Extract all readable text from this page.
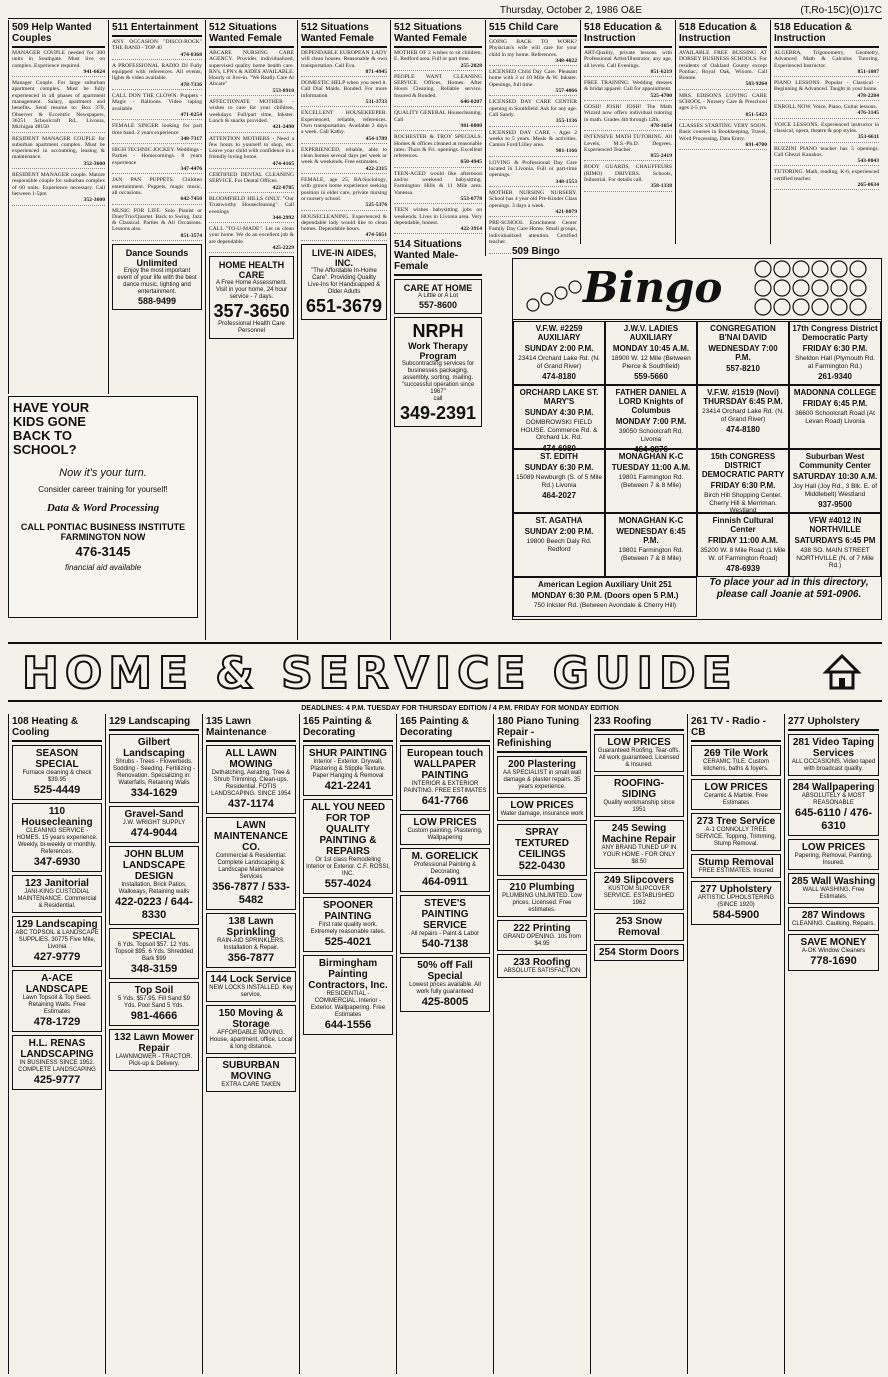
Thursday, October 2, 1986 O&E	(T,Ro-15C)(O)17C
509 Help Wanted Couples
MANAGER COUPLE needed for 300 units in Southgate. Must live on complex. Experience required.
941-6624
Manager Couple. For large suburban apartment complex. Must be fully experienced in all phases of apartment management. Salary, apartment and benefits. Send resume to: Box 370, Observer & Eccentric Newspapers, 36251 Schoolcraft Rd., Livonia, Michigan 48150
RESIDENT MANAGER COUPLE for suburban apartment complex. Must be experienced in accounting, leasing & maintenance.
352-3600
RESIDENT MANAGER couple. Mature responsible couple for suburban complex of 60 units. Experience necessary. Call between 1-5pm
352-3600
511 Entertainment
ANY OCCASION "DISCO-ROCK" THE BAND - TOP 40
474-8368
A PROFESSIONAL RADIO DJ Fully equipped with references. All events, lights & video available.
478-7336
CALL DON THE CLOWN. Puppets - Magic - Balloons. Video taping available
471-0254
FEMALE SINGER looking for part time band. 2 years experience
348-7317
HIGH TECHNIC JOCKEY. Weddings - Parties - Homecomings. 8 years experience
347-4476
JAN PAN PUPPETS. Children entertainment. Puppets, magic music, all occasions.
642-7450
MUSIC FOR LIFE. Solo Pianist or Duet/Trio/Quartet. Back to Swing, Jazz & Classical. Parties & All Occasions. Lessons also.
851-3574
Dance Sounds Unlimited
Enjoy the most important event of your life with the best dance music, lighting and entertainment.
588-9499
512 Situations Wanted Female
ABCARE NURSING CARE AGENCY. Provides individualized, supervised quality home health care. RN's, LPN's & AIDES AVAILABLE. Hourly or live-in. "We Really Care At Abcare"
553-8910
AFFECTIONATE MOTHER - wishes to care for your children, weekdays. Full/part time, Inkster. Lunch & snacks provided.
421-2490
ATTENTION MOTHERS - Need a few hours to yourself to shop, etc. Leave your child with confidence in a friendly loving home.
474-4165
CERTIFIED DENTAL CLEANING SERVICE. For Dental Offices.
422-0785
BLOOMFIELD HILLS ONLY. "Our Trustworthy Housecleaning". Call evenings
344-2992
CALL "TO-U-MADE". Let us clean your home. We do an excellent job & are dependable.
425-2229
HOME HEALTH CARE
A Free Home Assessment. Visit in your home. 24 hour service - 7 days.
357-3650
Professional Health Care Personnel
512 Situations Wanted Female
DEPENDABLE EUROPEAN LADY will clean houses. Reasonable & own transportation. Call Eva.
871-4945
DOMESTIC HELP when you need it. Call Dial Maids. Bonded. For more information
531-3733
EXCELLENT HOUSEKEEPER. Experienced, reliable, references. Own transportation. Available 2 days a week. Call Kathy.
454-1789
EXPERIENCED, reliable, able to clean homes several days per week or week & weekends. Free estimates.
422-2315
FEMALE, age 25, BA/Sociology, with grown home experience seeking position in elder care, private nursing or nursery school.
525-5376
HOUSECLEANING. Experienced & dependable lady would like to clean homes. Dependable hours.
474-5651
LIVE-IN AIDES, INC.
"The Affordable In-Home Care". Providing Quality Live-Ins for Handicapped & Older Adults
651-3679
512 Situations Wanted Female
MOTHER OF 2 wishes to sit children. E. Redford area. Full or part time.
255-2028
PEOPLE WANT CLEANING SERVICE. Offices, Homes. After Hours Cleaning. Reliable service. Insured & Bonded.
646-0207
QUALITY GENERAL Housecleaning. Call
981-0800
ROCHESTER & TROY SPECIALS. Homes & offices cleaned at reasonable rates. Thurs & Fri. openings. Excellent references.
650-4945
TEEN-AGED would like afternoon and/or weekend babysitting. Farmington Hills & 11 Mile area. Vanessa.
553-0778
TEEN wishes babysitting jobs on weekends. Lives in Livonia area. Very dependable, honest.
422-3914
514 Situations Wanted Male-Female
CARE AT HOME
A Little or A Lot
557-8600
NRPH
Work Therapy Program
Subcontracting services for businesses packaging, assembly, sorting, mailing. "successful operation since 1967"
call
349-2391
515 Child Care
GOING BACK TO WORK? Physician's wife will care for your child in my home. References.
348-4022
LICENSED Child Day Care. Pleasant home with 3 or 10 Mile & W. Inkster. Openings, full time.
557-4066
LICENSED DAY CARE CENTER opening in Southfield. Ask for any age. Call Sandy.
355-1136
LICENSED DAY CARE - Ages 2 weeks to 5 years. Meals & activities. Canton Ford/Lilley area.
981-1166
LOVING & Professional Day Care located in Livonia. Full or part-time openings.
348-1553
MOTHER NURSING NURSERY. School has 4 year old Pre-Kinder Class openings. 3 days a week.
421-8079
PRE-SCHOOL Enrichment Center Family Day Care Home. Small groups, individualized attention. Certified teacher.
518 Education & Instruction
ART-Quality, private lessons with Professional Artist/Illustrator, any age, all levels. Call Evenings.
851-6219
FREE TRAINING. Wedding dresses & bridal apparel. Call for appointment.
525-4700
GOSH! JOSH! JOSH! The Math Wizard now offers individual tutoring in math. Grades 4th through 12th.
478-1654
INTENSIVE MATH TUTORING. All Levels, M.S.-Ph.D. Degrees. Experienced Teacher.
855-2419
BODY GUARDS, CHAUFFEURS (RIMO) DRIVERS. Schools, Industrial. For details call.
358-1338
518 Education & Instruction
AVAILABLE FREE BUSSING AT DORSEY BUSINESS SCHOOLS. For residents of Oakland County except Pontiac, Royal Oak, Wixom. Call Bonnie.
583-9264
MRS. EDISON'S LOVING CARE SCHOOL - Nursery Care & Preschool ages 2-5 yrs.
851-5423
CLASSES STARTING VERY SOON. Basic courses in Bookkeeping, Travel, Word Processing, Data Entry.
691-4700
518 Education & Instruction
ALGEBRA, Trigonometry, Geometry, Advanced Math & Calculus Tutoring. Experienced Instructor.
851-1087
PIANO LESSONS. Popular - Classical - Beginning & Advanced. Taught in your home.
478-2284
ENROLL NOW. Voice, Piano, Guitar lessons.
476-3145
VOICE LESSONS. Experienced instructor in classical, opera, theatre & pop styles.
353-6611
BUZZINI PIANO teacher has 5 openings. Call Ghezzi Kanakos.
543-8043
TUTORING. Math, reading, K-6, experienced certified teacher.
265-0634
509 Bingo
HAVE YOUR KIDS GONE BACK TO SCHOOL?
Now it's your turn.
Consider career training for yourself!
Data & Word Processing
CALL PONTIAC BUSINESS INSTITUTE FARMINGTON NOW
476-3145
financial aid available
Bingo
V.F.W. #2259 AUXILIARY
SUNDAY 2:00 P.M.
23414 Orchard Lake Rd. (N. of Grand River)
474-8180
J.W.V. LADIES AUXILIARY
MONDAY 10:45 A.M.
18900 W. 12 Mile (Between Pierce & Southfield)
559-5660
CONGREGATION B'NAI DAVID
WEDNESDAY 7:00 P.M.
557-8210
17th Congress District Democratic Party
FRIDAY 6:30 P.M.
Sheldon Hall (Plymouth Rd. at Farmington Rd.)
261-9340
ORCHARD LAKE ST. MARY'S
SUNDAY 4:30 P.M.
DOMBROWSKI FIELD HOUSE. Commerce Rd. & Orchard Lk. Rd.
474-6080
FATHER DANIEL A LORD Knights of Columbus
MONDAY 7:00 P.M.
39050 Schoolcraft Rd. Livonia
464-0876
V.F.W. #1519 (Novi) THURSDAY 6:45 P.M.
23414 Orchard Lake Rd. (N. of Grand River)
474-8180
MADONNA COLLEGE
FRIDAY 6:45 P.M.
36600 Schoolcraft Road (At Levan Road) Livonia
ST. EDITH
SUNDAY 6:30 P.M.
15089 Newburgh (S. of 5 Mile Rd.) Livonia
464-2027
MONAGHAN K-C
TUESDAY 11:00 A.M.
19801 Farmington Rd. (Between 7 & 8 Mile)
15th CONGRESS DISTRICT DEMOCRATIC PARTY
FRIDAY 6:30 P.M.
Birch Hill Shopping Center. Cherry Hill & Merriman. Westland
Suburban West Community Center
SATURDAY 10:30 A.M.
Joy Hall (Joy Rd., 3 Blk. E. of Middlebelt) Westland
937-9500
ST. AGATHA
SUNDAY 2:00 P.M.
19800 Beech Daly Rd. Redford
MONAGHAN K-C
WEDNESDAY 6:45 P.M.
19801 Farmington Rd. (Between 7 & 8 Mile)
Finnish Cultural Center
FRIDAY 11:00 A.M.
35200 W. 8 Mile Road (1 Mile W. of Farmington Road)
478-6939
VFW #4012 IN NORTHVILLE
SATURDAYS 6:45 PM
438 SO. MAIN STREET NORTHVILLE (N. of 7 Mile Rd.)
American Legion Auxiliary Unit 251
MONDAY 6:30 P.M. (Doors open 5 P.M.)
750 Inkster Rd. (Between Avondale & Cherry Hill)
To place your ad in this directory, please call Joanie at 591-0906.
HOME & SERVICE GUIDE
DEADLINES: 4 P.M. TUESDAY FOR THURSDAY EDITION / 4 P.M. FRIDAY FOR MONDAY EDITION
108 Heating & Cooling
SEASON SPECIAL
Furnace cleaning & check $39.95
525-4449
110 Housecleaning
CLEANING SERVICE - HOMES. 15 years experience. Weekly, bi-weekly or monthly. References.
347-6930
123 Janitorial
JANI-KING CUSTODIAL MAINTENANCE. Commercial & Residential.
129 Landscaping
ABC TOPSOIL & LANDSCAPE SUPPLIES. 30775 Five Mile, Livonia
427-9779
A-ACE LANDSCAPE
Lawn Topsoil & Top Seed. Retaining Walls. Free Estimates
478-1729
H.L. RENAS LANDSCAPING
IN BUSINESS SINCE 1952. COMPLETE LANDSCAPING
425-9777
129 Landscaping
Gilbert Landscaping
Shrubs - Trees - Flowerbeds. Sodding - Seeding. Fertilizing - Renovation. Specializing in: Waterfalls, Retaining Walls
334-1629
Gravel-Sand
J.W. WRIGHT SUPPLY
474-9044
JOHN BLUM LANDSCAPE DESIGN
Installation, Brick Patios, Walkways, Retaining walls
422-0223 / 644-8330
SPECIAL
6 Yds. Topsoil $57. 12 Yds. Topsoil $95. 6 Yds. Shredded Bark $99
348-3159
Top Soil
5 Yds. $57.95. Fill Sand $9 Yds. Pool Sand 5 Yds.
981-4666
132 Lawn Mower Repair
LAWNMOWER - TRACTOR. Pick-up & Delivery.
135 Lawn Maintenance
ALL LAWN MOWING
Dethatching, Aerating, Tree & Shrub Trimming. Clean-ups. Residential. FOTIS LANDSCAPING. SINCE 1954
437-1174
LAWN MAINTENANCE CO.
Commercial & Residential. Complete Landscaping & Landscape Maintenance Services
356-7877 / 533-5482
138 Lawn Sprinkling
RAIN-AID SPRINKLERS. Installation & Repair.
356-7877
144 Lock Service
NEW LOCKS INSTALLED. Key service.
150 Moving & Storage
AFFORDABLE MOVING. House, apartment, office. Local & long distance.
SUBURBAN MOVING
EXTRA CARE TAKEN
165 Painting & Decorating
SHUR PAINTING
Interior - Exterior. Drywall, Plastering & Stipple Texture. Paper Hanging & Removal
421-2241
ALL YOU NEED FOR TOP QUALITY PAINTING & REPAIRS
Or 1st class Remodeling Interior or Exterior. C.F. ROSSI, INC.
557-4024
SPOONER PAINTING
First rate quality work. Extremely reasonable rates.
525-4021
Birmingham Painting Contractors, Inc.
RESIDENTIAL - COMMERCIAL. Interior - Exterior. Wallpapering. Free Estimates
644-1556
165 Painting & Decorating
European touch WALLPAPER PAINTING
INTERIOR & EXTERIOR PAINTING. FREE ESTIMATES
641-7766
LOW PRICES
Custom painting, Plastering, Wallpapering
M. GORELICK
Professional Painting & Decorating
464-0911
STEVE'S PAINTING SERVICE
All repairs - Paint & Labor
540-7138
50% off Fall Special
Lowest prices available. All work fully guaranteed
425-8005
180 Piano Tuning Repair - Refinishing
200 Plastering
AA SPECIALIST in small wall damage & plaster repairs. 35 years experience.
LOW PRICES
Water damage, insurance work
SPRAY TEXTURED CEILINGS
522-0430
210 Plumbing
PLUMBING UNLIMITED. Low prices. Licensed. Free estimates.
222 Printing
GRAND OPENING. 10s from $4.95
233 Roofing
ABSOLUTE SATISFACTION
233 Roofing
LOW PRICES
Guaranteed Roofing. Tear-offs. All work guaranteed. Licensed & Insured.
ROOFING-SIDING
Quality workmanship since 1951
245 Sewing Machine Repair
ANY BRAND TUNED UP IN YOUR HOME - FOR ONLY $8.50
249 Slipcovers
KUSTOM SLIPCOVER SERVICE. ESTABLISHED 1962
253 Snow Removal
254 Storm Doors
261 TV - Radio - CB
269 Tile Work
CERAMIC TILE. Custom kitchens, baths & foyers.
LOW PRICES
Ceramic & Marble. Free Estimates
273 Tree Service
A-1 CONNOLLY TREE SERVICE. Topping, Trimming, Stump Removal.
Stump Removal
FREE ESTIMATES. Insured
277 Upholstery
ARTISTIC UPHOLSTERING (SINCE 1920)
584-5900
277 Upholstery
281 Video Taping Services
ALL OCCASIONS. Video taped with broadcast quality.
284 Wallpapering
ABSOLUTELY & MOST REASONABLE
645-6110 / 476-6310
LOW PRICES
Papering, Removal, Painting. Insured.
285 Wall Washing
WALL WASHING. Free Estimates.
287 Windows
CLEANING. Caulking, Repairs.
SAVE MONEY
A-OK Window Cleaners
778-1690
